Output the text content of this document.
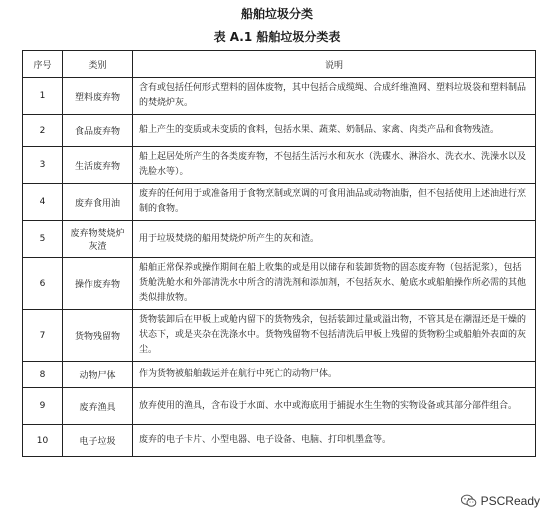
船舶垃圾分类
表 A.1 船舶垃圾分类表
序号	类别	说明
1	塑料废弃物	含有或包括任何形式塑料的固体废物，其中包括合成缆绳、合成纤维渔网、塑料垃圾袋和塑料制品的焚烧炉灰。
2	食品废弃物	船上产生的变质或未变质的食料，包括水果、蔬菜、奶制品、家禽、肉类产品和食物残渣。
3	生活废弃物	船上起居处所产生的各类废弃物，不包括生活污水和灰水（洗碟水、淋浴水、洗衣水、洗澡水以及洗脸水等）。
4	废弃食用油	废弃的任何用于或准备用于食物烹制或烹调的可食用油品或动物油脂，但不包括使用上述油进行烹制的食物。
5	废弃物焚烧炉灰渣	用于垃圾焚烧的船用焚烧炉所产生的灰和渣。
6	操作废弃物	船舶正常保养或操作期间在船上收集的或是用以储存和装卸货物的固态废弃物（包括泥浆），包括货舱洗舱水和外部清洗水中所含的清洗剂和添加剂，不包括灰水、舱底水或船舶操作所必需的其他类似排放物。
7	货物残留物	货物装卸后在甲板上或舱内留下的货物残余，包括装卸过量或溢出物，不管其是在潮湿还是干燥的状态下，或是夹杂在洗涤水中。货物残留物不包括清洗后甲板上残留的货物粉尘或船舶外表面的灰尘。
8	动物尸体	作为货物被船舶载运并在航行中死亡的动物尸体。
9	废弃渔具	放弃使用的渔具，含布设于水面、水中或海底用于捕捉水生生物的实物设备或其部分部件组合。
10	电子垃圾	废弃的电子卡片、小型电器、电子设备、电脑、打印机墨盒等。
PSCReady
